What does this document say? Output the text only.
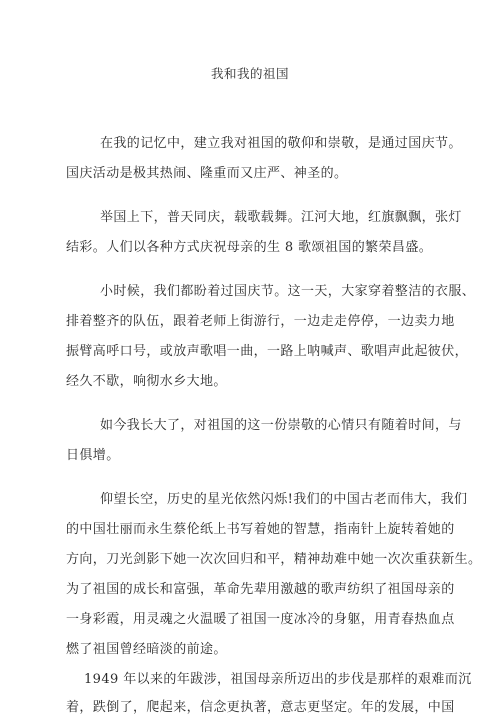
我和我的祖国
在我的记忆中，建立我对祖国的敬仰和崇敬，是通过国庆节。
国庆活动是极其热闹、隆重而又庄严、神圣的。
举国上下，普天同庆，载歌载舞。江河大地，红旗飘飘，张灯
结彩。人们以各种方式庆祝母亲的生 8 歌颂祖国的繁荣昌盛。
小时候，我们都盼着过国庆节。这一天，大家穿着整洁的衣服、
排着整齐的队伍，跟着老师上街游行，一边走走停停，一边卖力地
振臂高呼口号，或放声歌唱一曲，一路上呐喊声、歌唱声此起彼伏，
经久不歇，响彻水乡大地。
如今我长大了，对祖国的这一份崇敬的心情只有随着时间，与
日俱增。
仰望长空，历史的星光依然闪烁!我们的中国古老而伟大，我们
的中国壮丽而永生蔡伦纸上书写着她的智慧，指南针上旋转着她的
方向，刀光剑影下她一次次回归和平，精神劫难中她一次次重获新生。
为了祖国的成长和富强，革命先辈用激越的歌声纺织了祖国母亲的
一身彩霞，用灵魂之火温暖了祖国一度冰冷的身躯，用青春热血点
燃了祖国曾经暗淡的前途。
1949 年以来的年跋涉，祖国母亲所迈出的步伐是那样的艰难而沉
着，跌倒了，爬起来，信念更执著，意志更坚定。年的发展，中国
